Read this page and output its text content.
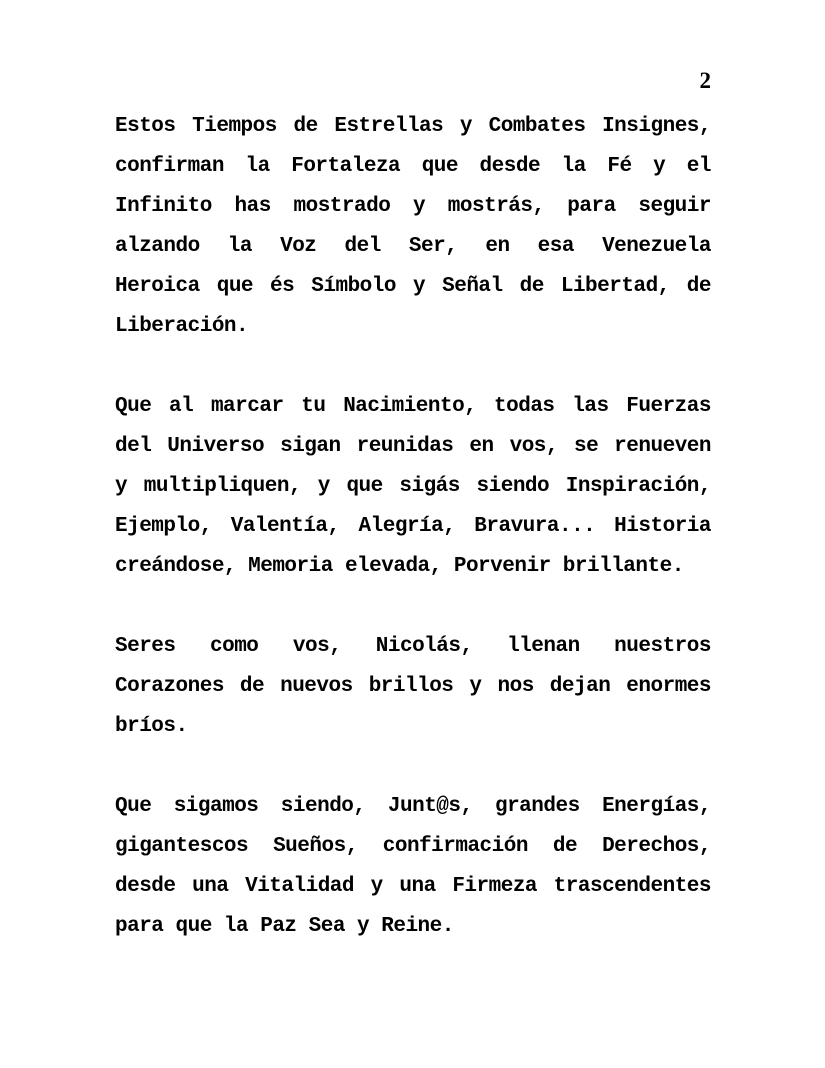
2
Estos Tiempos de Estrellas y Combates Insignes,
confirman la Fortaleza que desde la Fé y el
Infinito has mostrado y mostrás, para seguir
alzando la Voz del Ser, en esa Venezuela
Heroica que és Símbolo y Señal de Libertad, de
Liberación.
Que al marcar tu Nacimiento, todas las Fuerzas
del Universo sigan reunidas en vos, se renueven
y multipliquen, y que sigás siendo Inspiración,
Ejemplo, Valentía, Alegría, Bravura... Historia
creándose, Memoria elevada, Porvenir brillante.
Seres como vos, Nicolás, llenan nuestros
Corazones de nuevos brillos y nos dejan enormes
bríos.
Que sigamos siendo, Junt@s, grandes Energías,
gigantescos Sueños, confirmación de Derechos,
desde una Vitalidad y una Firmeza trascendentes
para que la Paz Sea y Reine.
